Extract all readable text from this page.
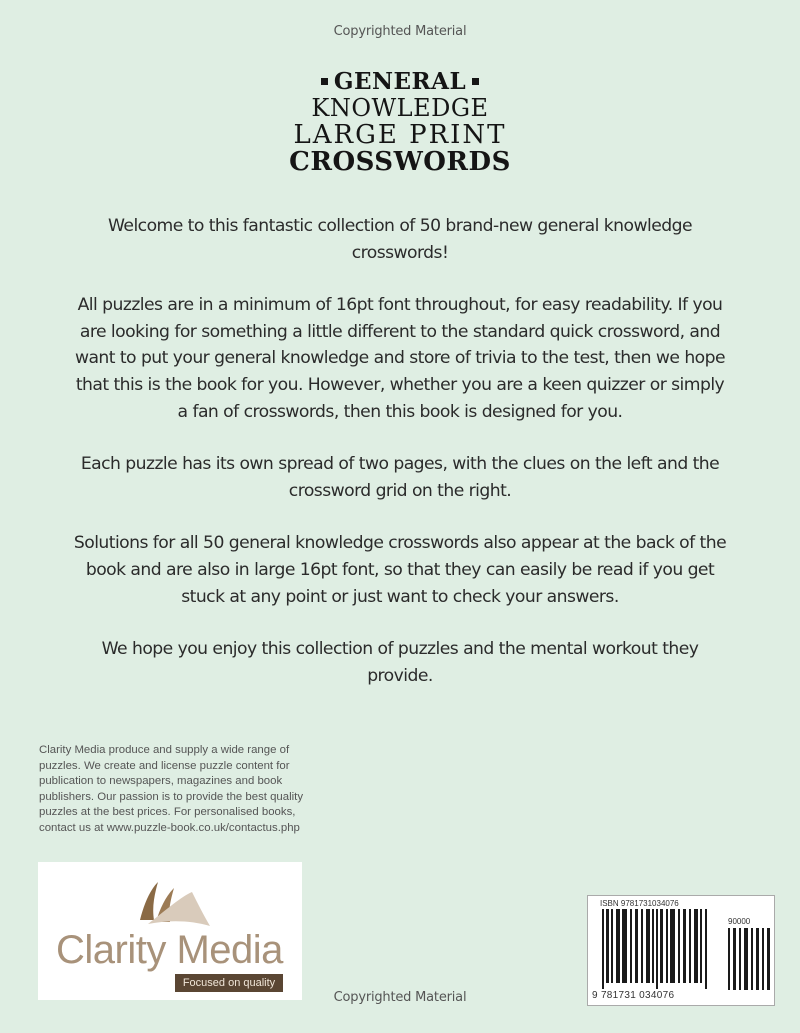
Copyrighted Material
GENERAL
KNOWLEDGE
LARGE PRINT
CROSSWORDS

Welcome to this fantastic collection of 50 brand-new general knowledge crosswords!

All puzzles are in a minimum of 16pt font throughout, for easy readability. If you are looking for something a little different to the standard quick crossword, and want to put your general knowledge and store of trivia to the test, then we hope that this is the book for you. However, whether you are a keen quizzer or simply a fan of crosswords, then this book is designed for you.

Each puzzle has its own spread of two pages, with the clues on the left and the crossword grid on the right.

Solutions for all 50 general knowledge crosswords also appear at the back of the book and are also in large 16pt font, so that they can easily be read if you get stuck at any point or just want to check your answers.

We hope you enjoy this collection of puzzles and the mental workout they provide.

Clarity Media produce and supply a wide range of puzzles. We create and license puzzle content for publication to newspapers, magazines and book publishers. Our passion is to provide the best quality puzzles at the best prices. For personalised books, contact us at www.puzzle-book.co.uk/contactus.php
Clarity Media
Focused on quality
ISBN 9781731034076
90000
9 781731 034076
Copyrighted Material
